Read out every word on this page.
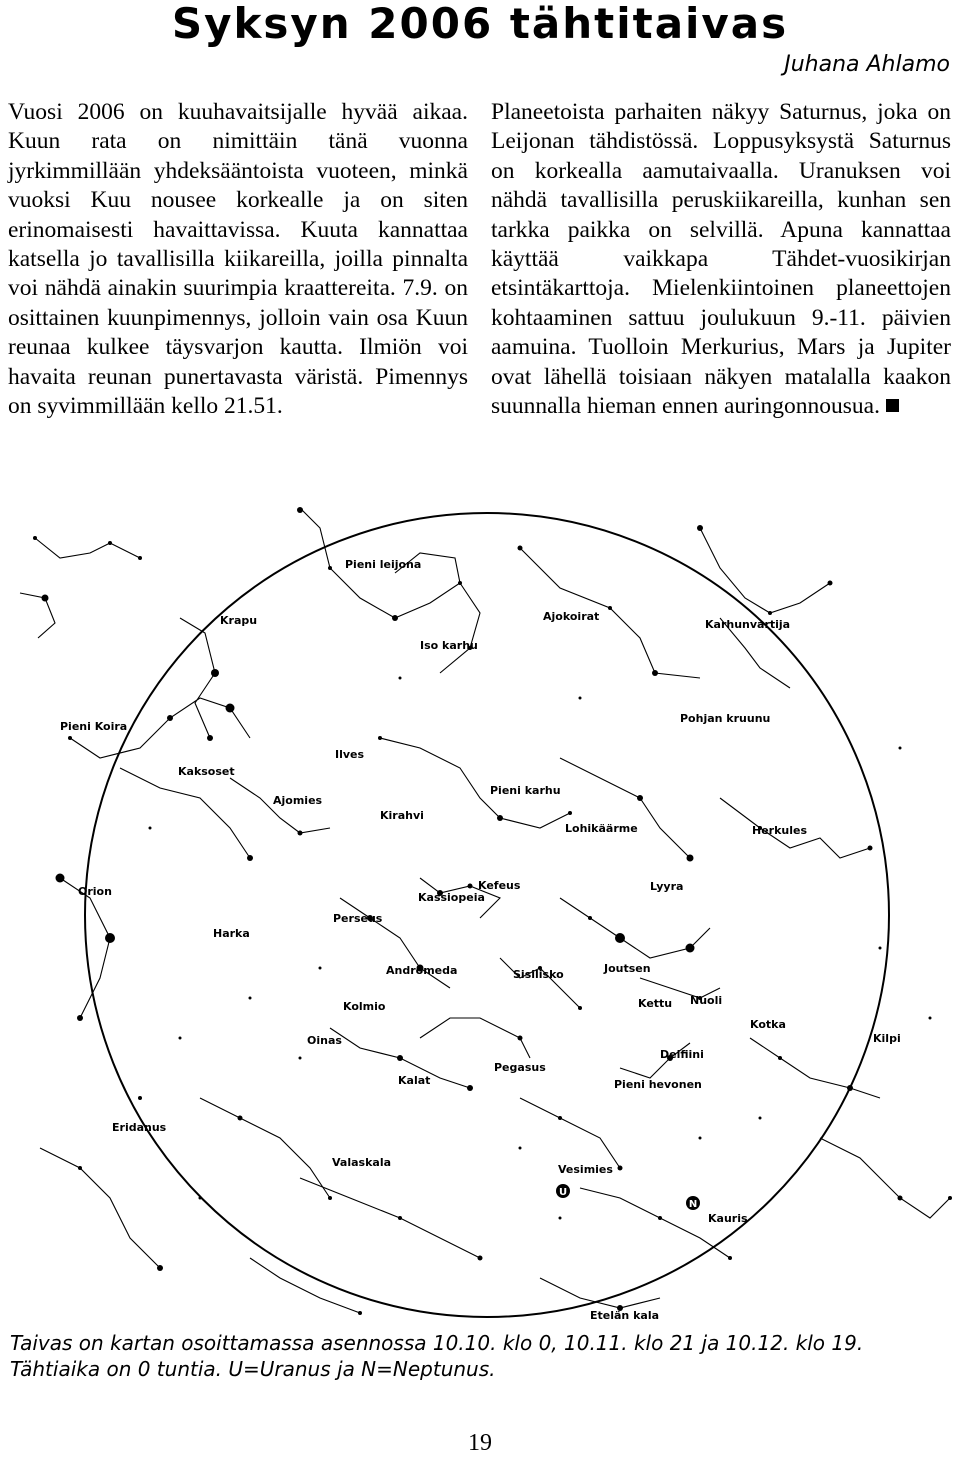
Syksyn 2006 tähtitaivas
Juhana Ahlamo
Vuosi 2006 on kuuhavaitsijalle hyvää aikaa. Kuun rata on nimittäin tänä vuonna jyrkimmillään yhdeksääntoista vuoteen, minkä vuoksi Kuu nousee korkealle ja on siten erinomaisesti havaittavissa. Kuuta kannattaa katsella jo tavallisilla kiikareilla, joilla pinnalta voi nähdä ainakin suurimpia kraattereita. 7.9. on osittainen kuunpimennys, jolloin vain osa Kuun reunaa kulkee täysvarjon kautta. Ilmiön voi havaita reunan punertavasta väristä. Pimennys on syvimmillään kello 21.51.
Planeetoista parhaiten näkyy Saturnus, joka on Leijonan tähdistössä. Loppusyksystä Saturnus on korkealla aamutaivaalla. Uranuksen voi nähdä tavallisilla peruskiikareilla, kunhan sen tarkka paikka on selvillä. Apuna kannattaa käyttää vaikkapa Tähdet-vuosikirjan etsintäkarttoja. Mielenkiintoinen planeettojen kohtaaminen sattuu joulukuun 9.-11. päivien aamuina. Tuolloin Merkurius, Mars ja Jupiter ovat lähellä toisiaan näkyen matalalla kaakon suunnalla hieman ennen auringonnousua.
U
N
Pieni leijona
Krapu	Ajokoirat
Karhunvartija
Iso karhu
Pieni Koira
Pohjan kruunu
Kaksoset
Ilves
Ajomies
Kirahvi
Pieni karhu
Lohikäärme	Herkules
Orion	Kefeus
Kassiopeia
Perseus
Lyyra
Harka
Joutsen
Andromeda	Sisilisko
Kettu Nuoli
Kolmio
Kotka
Kilpi
Oinas
Delfiini
Pegasus
Kalat	Pieni hevonen
Eridanus
Valaskala
Vesimies
Kauris
Etelän kala
Taivas on kartan osoittamassa asennossa 10.10. klo 0, 10.11. klo 21 ja 10.12. klo 19.
Tähtiaika on 0 tuntia. U=Uranus ja N=Neptunus.
19
